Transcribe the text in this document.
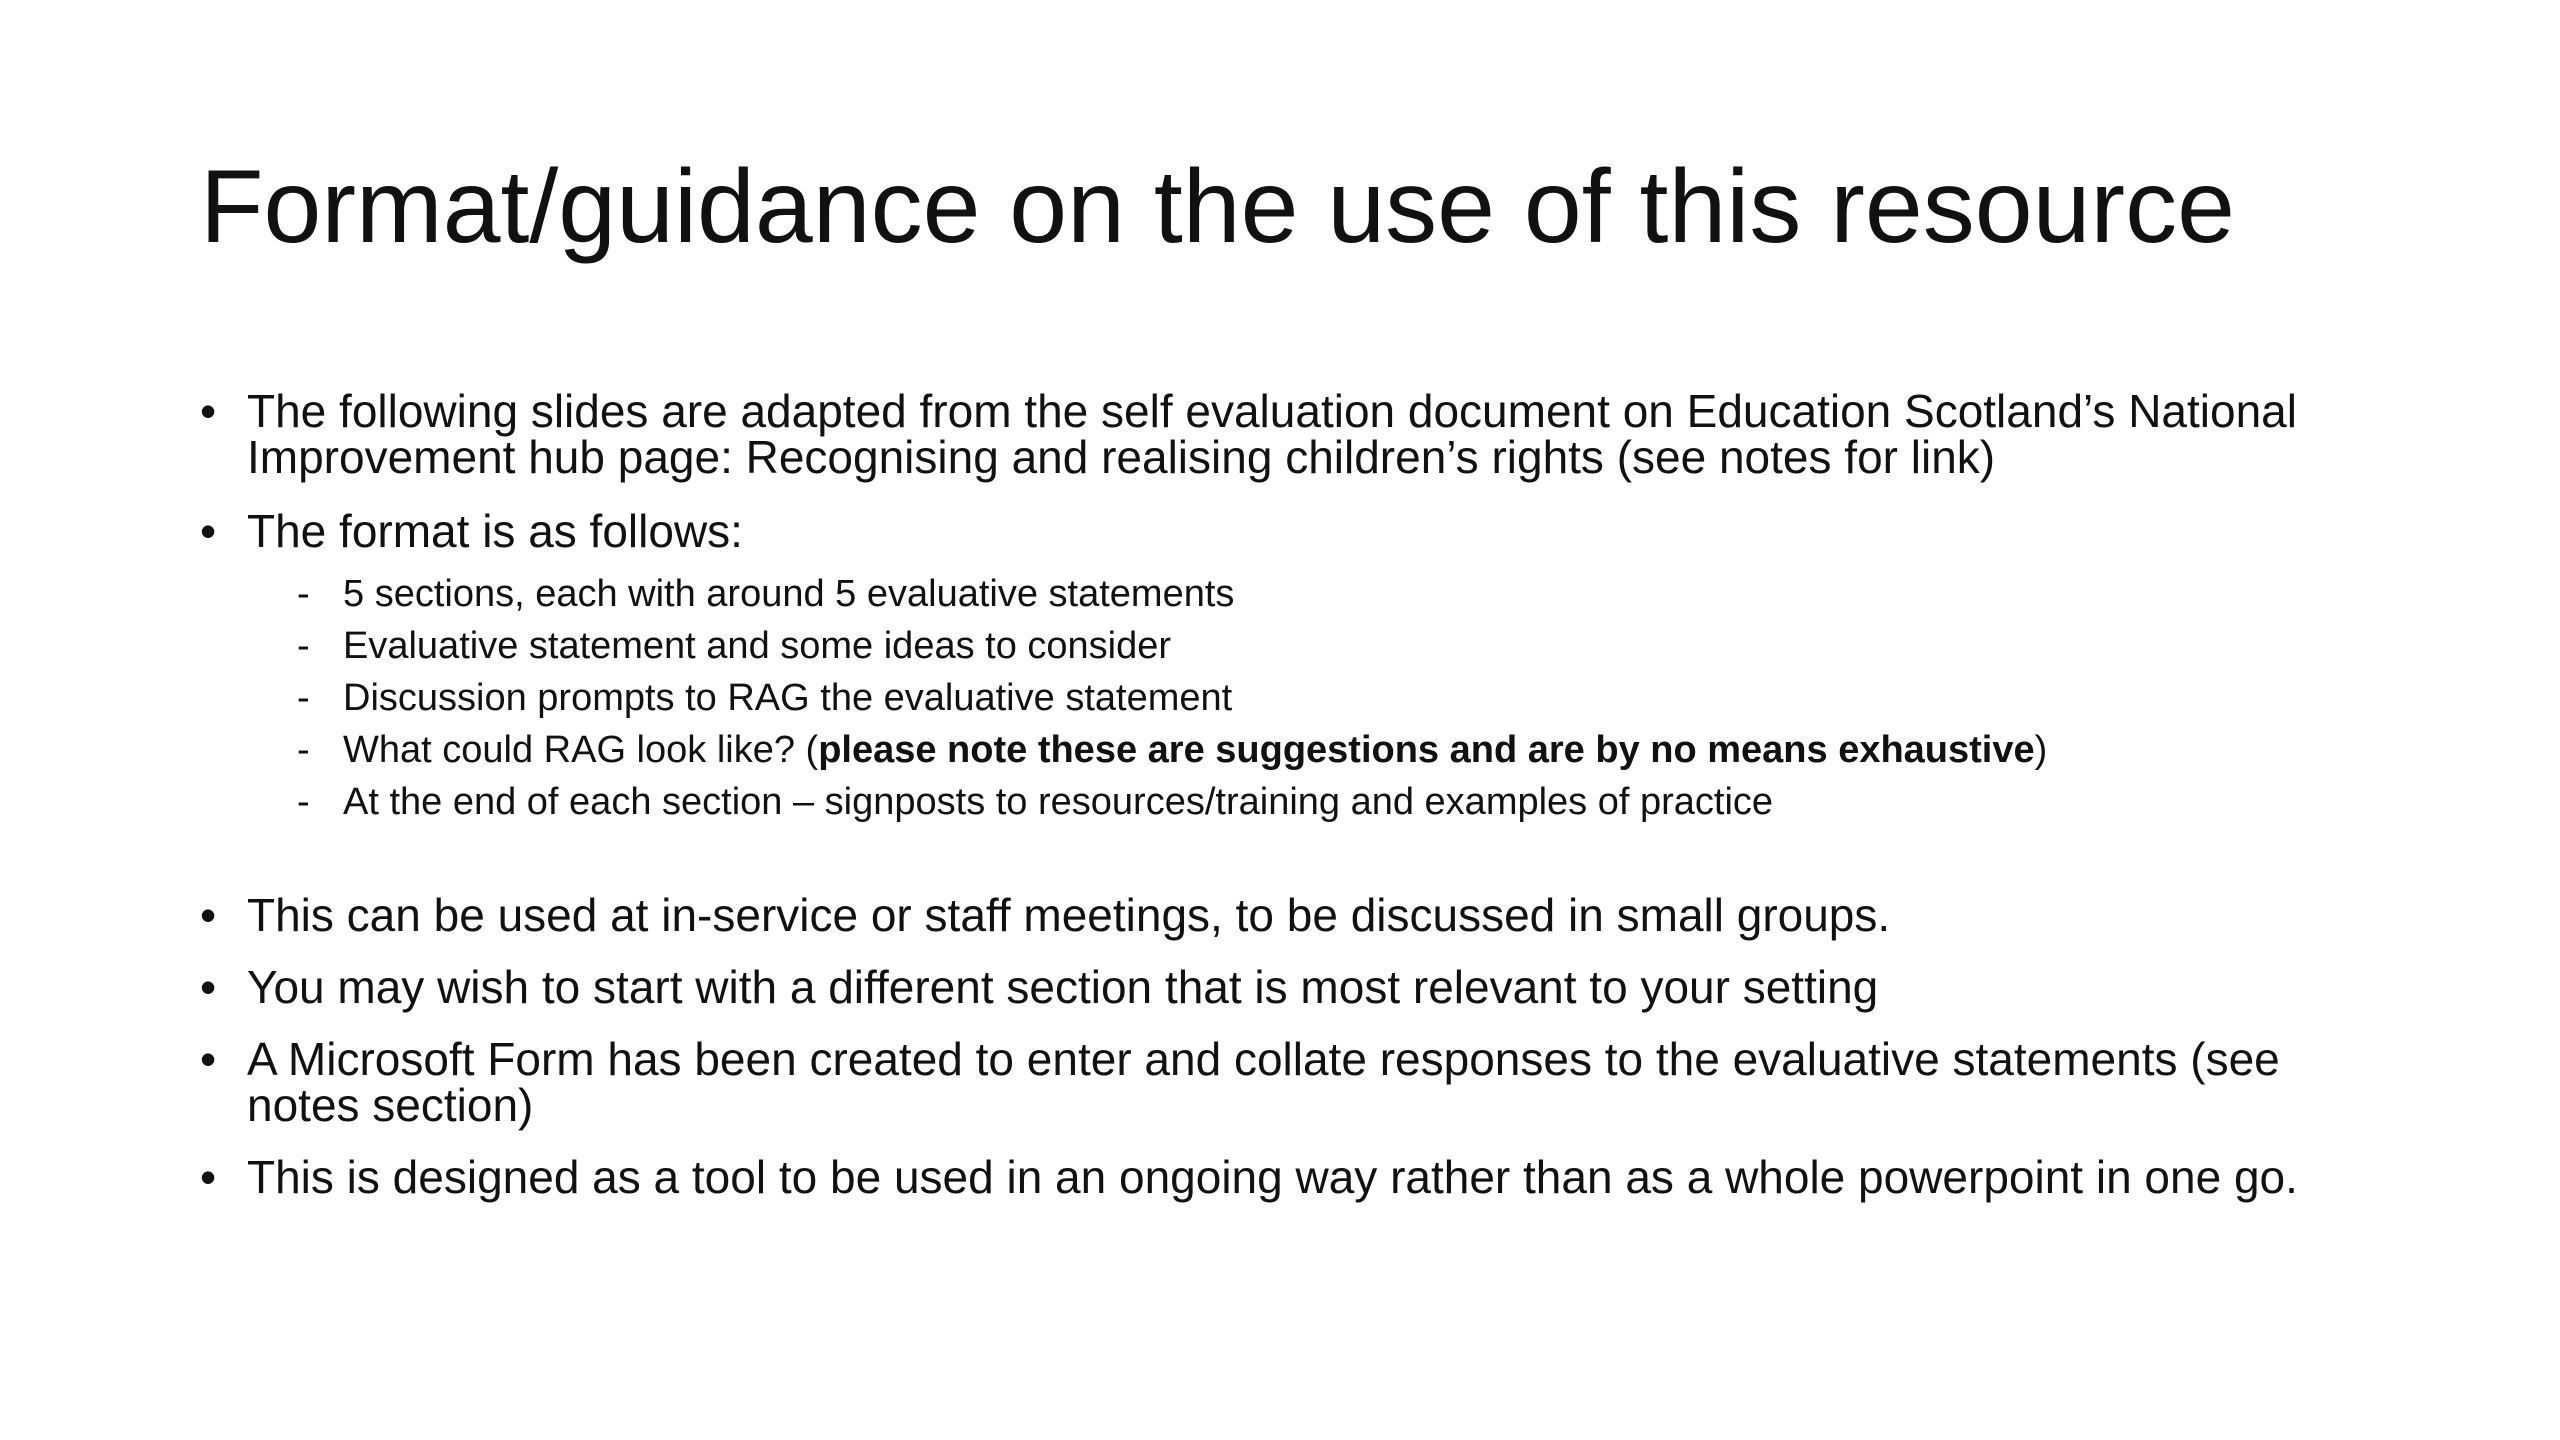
Format/guidance on the use of this resource
• The following slides are adapted from the self evaluation document on Education Scotland’s National Improvement hub page: Recognising and realising children’s rights (see notes for link)
• The format is as follows:
- 5 sections, each with around 5 evaluative statements
- Evaluative statement and some ideas to consider
- Discussion prompts to RAG the evaluative statement
- What could RAG look like? (please note these are suggestions and are by no means exhaustive)
- At the end of each section – signposts to resources/training and examples of practice
• This can be used at in-service or staff meetings, to be discussed in small groups.
• You may wish to start with a different section that is most relevant to your setting
• A Microsoft Form has been created to enter and collate responses to the evaluative statements (see notes section)
• This is designed as a tool to be used in an ongoing way rather than as a whole powerpoint in one go.
